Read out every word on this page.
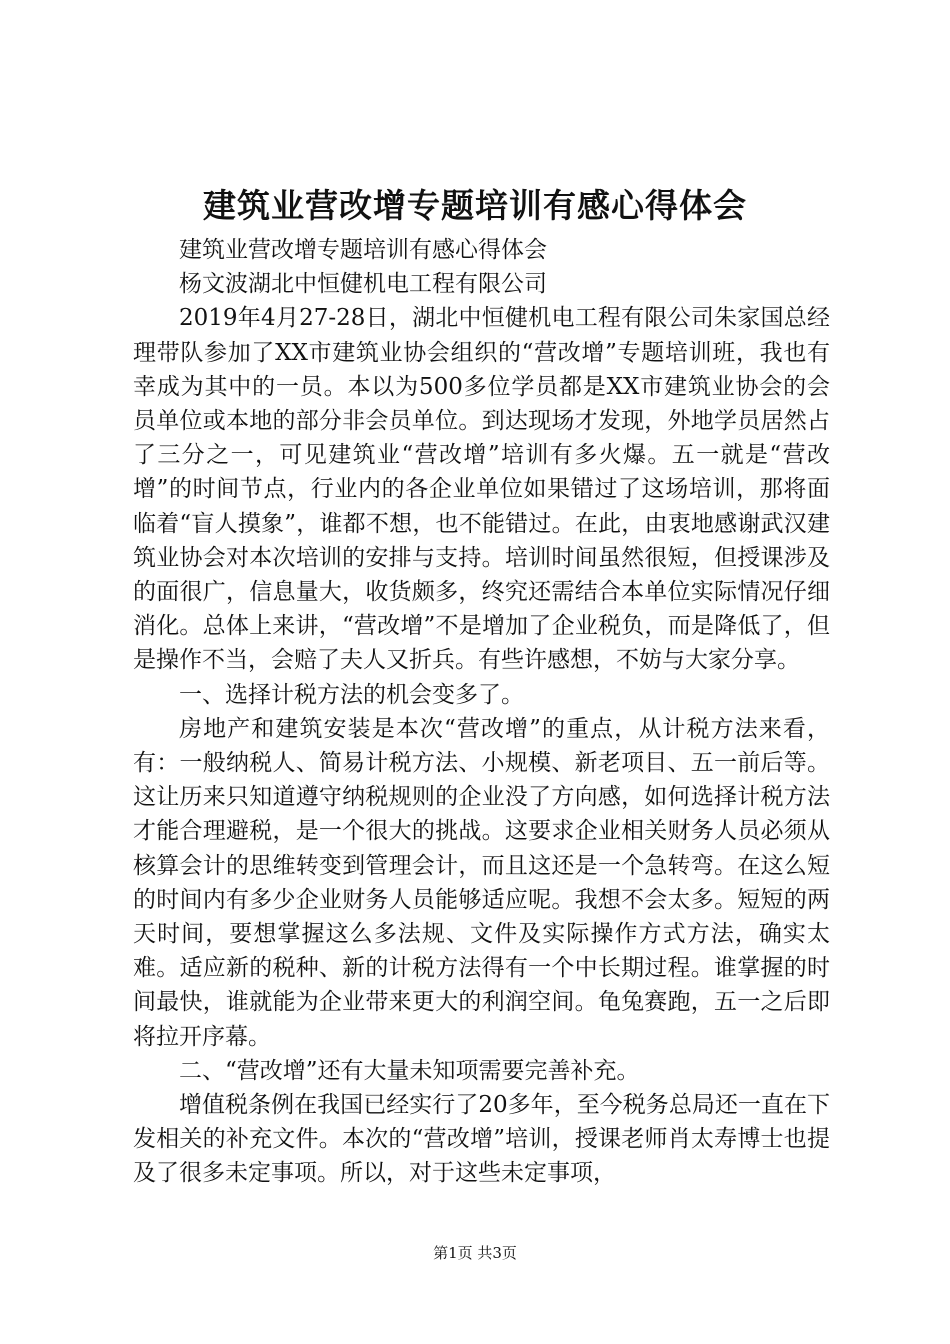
建筑业营改增专题培训有感心得体会

建筑业营改增专题培训有感心得体会

杨文波湖北中恒健机电工程有限公司

2019年4月27-28日，湖北中恒健机电工程有限公司朱家国总经理带队参加了XX市建筑业协会组织的“营改增”专题培训班，我也有幸成为其中的一员。本以为500多位学员都是XX市建筑业协会的会员单位或本地的部分非会员单位。到达现场才发现，外地学员居然占了三分之一，可见建筑业“营改增”培训有多火爆。五一就是“营改增”的时间节点，行业内的各企业单位如果错过了这场培训，那将面临着“盲人摸象”，谁都不想，也不能错过。在此，由衷地感谢武汉建筑业协会对本次培训的安排与支持。培训时间虽然很短，但授课涉及的面很广，信息量大，收货颇多，终究还需结合本单位实际情况仔细消化。总体上来讲，“营改增”不是增加了企业税负，而是降低了，但是操作不当，会赔了夫人又折兵。有些许感想，不妨与大家分享。

一、选择计税方法的机会变多了。

房地产和建筑安装是本次“营改增”的重点，从计税方法来看，有：一般纳税人、简易计税方法、小规模、新老项目、五一前后等。这让历来只知道遵守纳税规则的企业没了方向感，如何选择计税方法才能合理避税，是一个很大的挑战。这要求企业相关财务人员必须从核算会计的思维转变到管理会计，而且这还是一个急转弯。在这么短的时间内有多少企业财务人员能够适应呢。我想不会太多。短短的两天时间，要想掌握这么多法规、文件及实际操作方式方法，确实太难。适应新的税种、新的计税方法得有一个中长期过程。谁掌握的时间最快，谁就能为企业带来更大的利润空间。龟兔赛跑，五一之后即将拉开序幕。

二、“营改增”还有大量未知项需要完善补充。

增值税条例在我国已经实行了20多年，至今税务总局还一直在下发相关的补充文件。本次的“营改增”培训，授课老师肖太寿博士也提及了很多未定事项。所以，对于这些未定事项，

第1页 共3页
